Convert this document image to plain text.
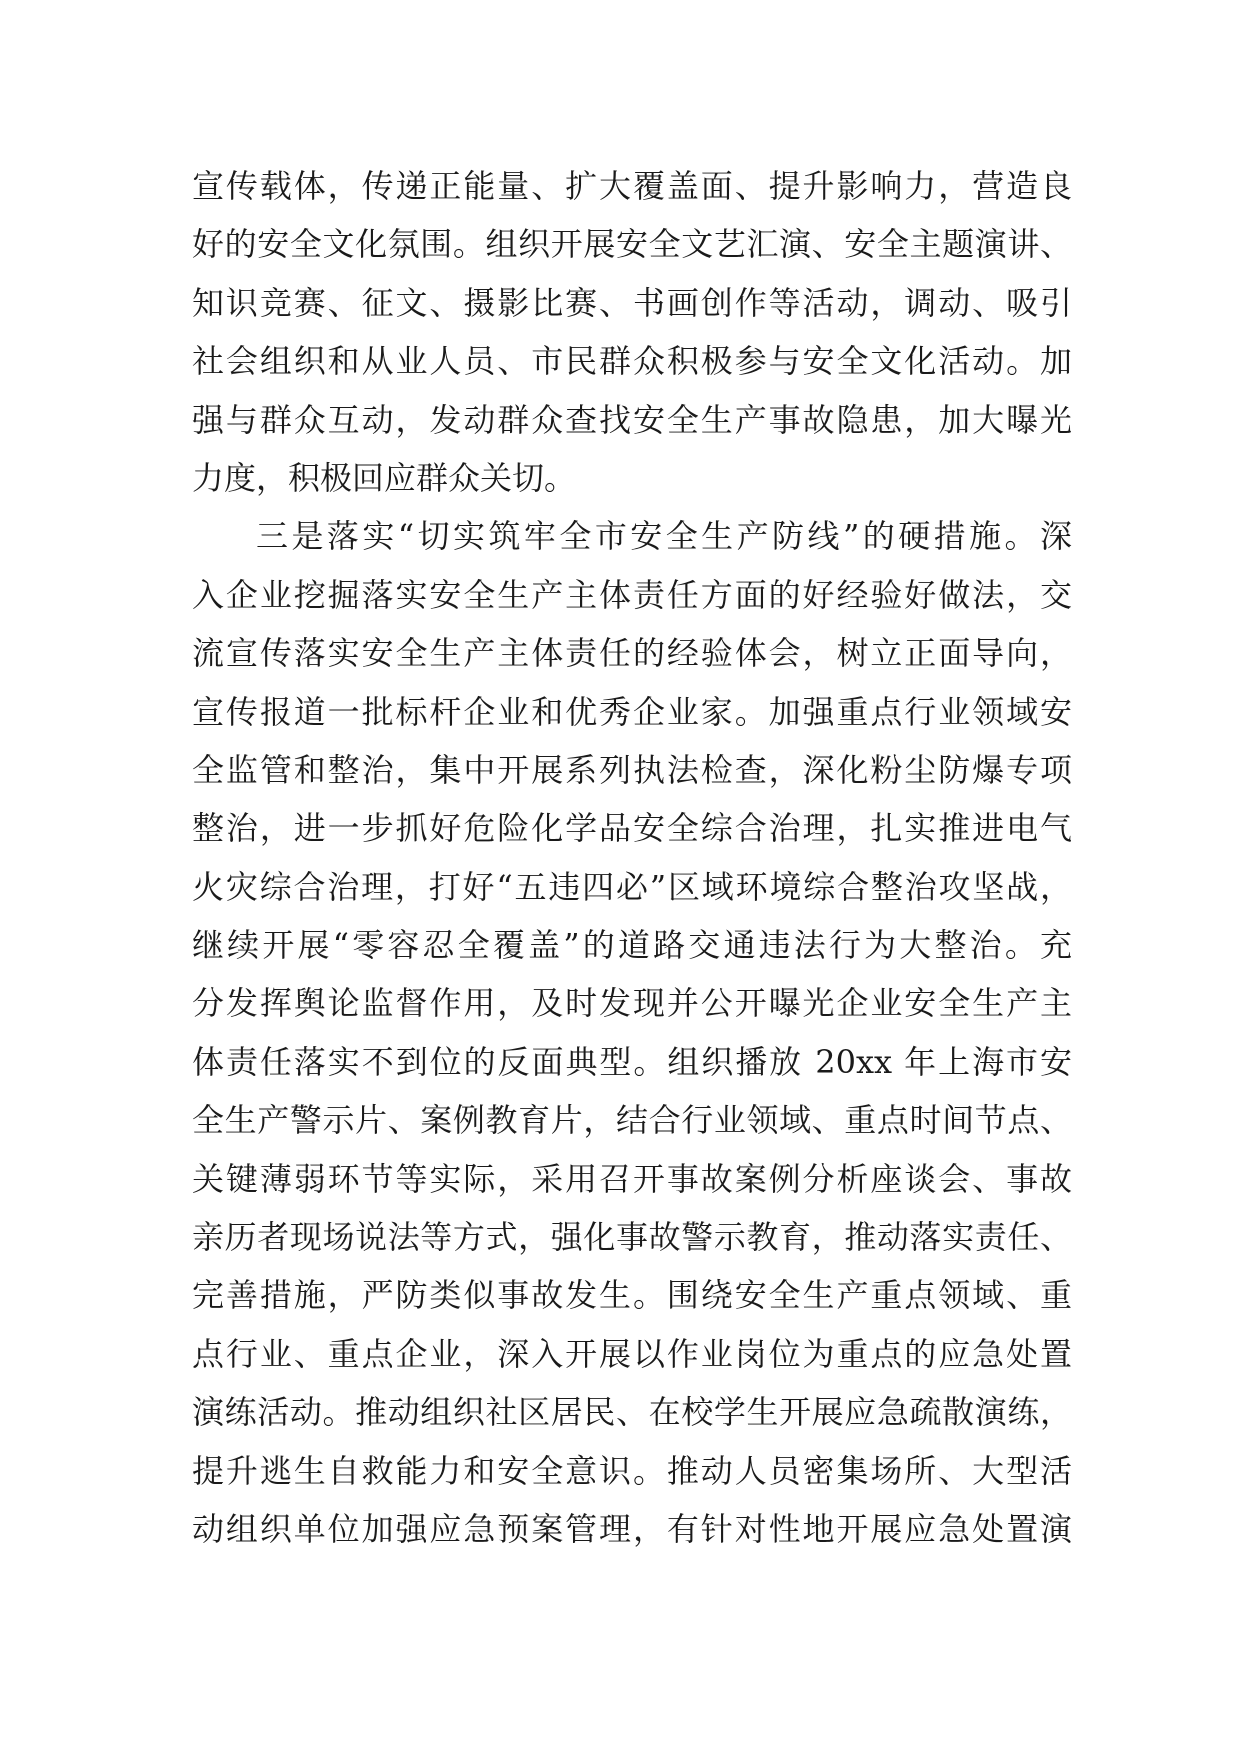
宣传载体，传递正能量、扩大覆盖面、提升影响力，营造良

好的安全文化氛围。组织开展安全文艺汇演、安全主题演讲、

知识竞赛、征文、摄影比赛、书画创作等活动，调动、吸引

社会组织和从业人员、市民群众积极参与安全文化活动。加

强与群众互动，发动群众查找安全生产事故隐患，加大曝光

力度，积极回应群众关切。

三是落实“切实筑牢全市安全生产防线”的硬措施。深

入企业挖掘落实安全生产主体责任方面的好经验好做法，交

流宣传落实安全生产主体责任的经验体会，树立正面导向，

宣传报道一批标杆企业和优秀企业家。加强重点行业领域安

全监管和整治，集中开展系列执法检查，深化粉尘防爆专项

整治，进一步抓好危险化学品安全综合治理，扎实推进电气

火灾综合治理，打好“五违四必”区域环境综合整治攻坚战，

继续开展“零容忍全覆盖”的道路交通违法行为大整治。充

分发挥舆论监督作用，及时发现并公开曝光企业安全生产主

体责任落实不到位的反面典型。组织播放 20xx 年上海市安

全生产警示片、案例教育片，结合行业领域、重点时间节点、

关键薄弱环节等实际，采用召开事故案例分析座谈会、事故

亲历者现场说法等方式，强化事故警示教育，推动落实责任、

完善措施，严防类似事故发生。围绕安全生产重点领域、重

点行业、重点企业，深入开展以作业岗位为重点的应急处置

演练活动。推动组织社区居民、在校学生开展应急疏散演练，

提升逃生自救能力和安全意识。推动人员密集场所、大型活

动组织单位加强应急预案管理，有针对性地开展应急处置演
